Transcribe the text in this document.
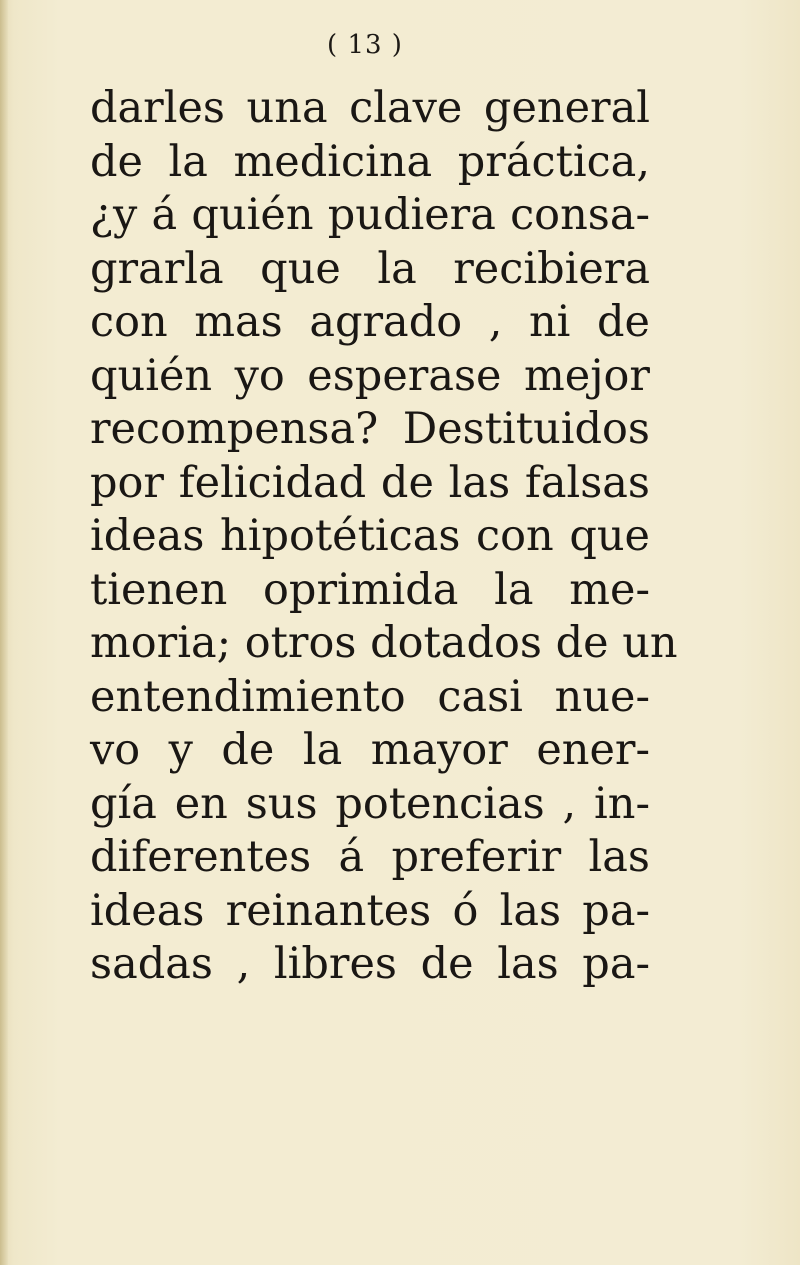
( 13 )
darles una clave general
de la medicina práctica,
¿y á quién pudiera consa-
grarla que la recibiera
con mas agrado , ni de
quién yo esperase mejor
recompensa? Destituidos
por felicidad de las falsas
ideas hipotéticas con que
tienen oprimida la me-
moria; otros dotados de un
entendimiento casi nue-
vo y de la mayor ener-
gía en sus potencias , in-
diferentes á preferir las
ideas reinantes ó las pa-
sadas , libres de las pa-
